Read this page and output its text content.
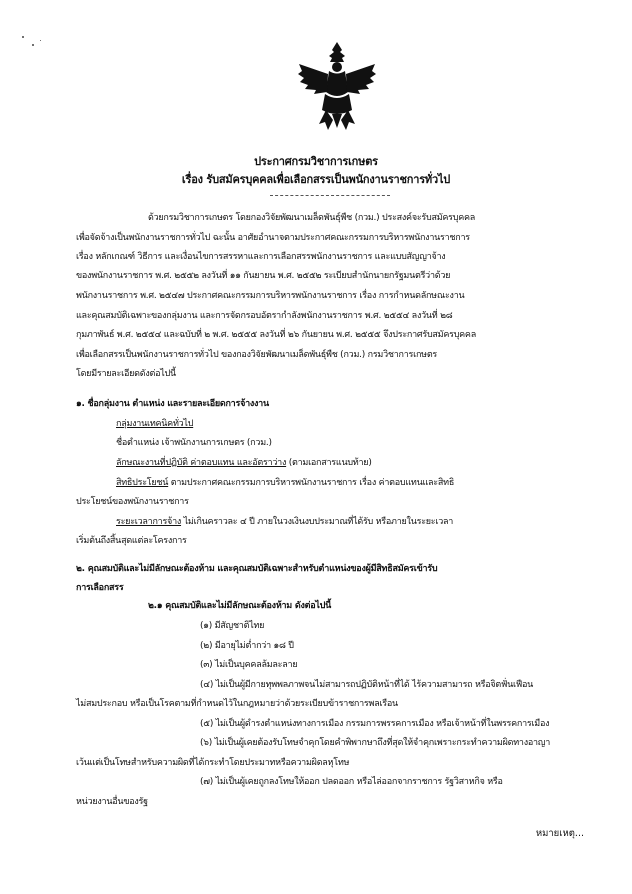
ประกาศกรมวิชาการเกษตร
เรื่อง รับสมัครบุคคลเพื่อเลือกสรรเป็นพนักงานราชการทั่วไป
ด้วยกรมวิชาการเกษตร โดยกองวิจัยพัฒนาเมล็ดพันธุ์พืช (กวม.) ประสงค์จะรับสมัครบุคคล
เพื่อจัดจ้างเป็นพนักงานราชการทั่วไป ฉะนั้น อาศัยอำนาจตามประกาศคณะกรรมการบริหารพนักงานราชการ
เรื่อง หลักเกณฑ์ วิธีการ และเงื่อนไขการสรรหาและการเลือกสรรพนักงานราชการ และแบบสัญญาจ้าง
ของพนักงานราชการ พ.ศ. ๒๕๕๒ ลงวันที่ ๑๑ กันยายน พ.ศ. ๒๕๕๒ ระเบียบสำนักนายกรัฐมนตรีว่าด้วย
พนักงานราชการ พ.ศ. ๒๕๔๗ ประกาศคณะกรรมการบริหารพนักงานราชการ เรื่อง การกำหนดลักษณะงาน
และคุณสมบัติเฉพาะของกลุ่มงาน และการจัดกรอบอัตรากำลังพนักงานราชการ พ.ศ. ๒๕๕๔ ลงวันที่ ๒๘
กุมภาพันธ์ พ.ศ. ๒๕๕๔ และฉบับที่ ๒ พ.ศ. ๒๕๕๕ ลงวันที่ ๒๖ กันยายน พ.ศ. ๒๕๕๕ จึงประกาศรับสมัครบุคคล
เพื่อเลือกสรรเป็นพนักงานราชการทั่วไป ของกองวิจัยพัฒนาเมล็ดพันธุ์พืช (กวม.) กรมวิชาการเกษตร
โดยมีรายละเอียดดังต่อไปนี้
๑. ชื่อกลุ่มงาน ตำแหน่ง และรายละเอียดการจ้างงาน
กลุ่มงานเทคนิคทั่วไป
ชื่อตำแหน่ง เจ้าพนักงานการเกษตร (กวม.)
ลักษณะงานที่ปฏิบัติ ค่าตอบแทน และอัตราว่าง (ตามเอกสารแนบท้าย)
สิทธิประโยชน์ ตามประกาศคณะกรรมการบริหารพนักงานราชการ เรื่อง ค่าตอบแทนและสิทธิ
ประโยชน์ของพนักงานราชการ
ระยะเวลาการจ้าง ไม่เกินคราวละ ๔ ปี ภายในวงเงินงบประมาณที่ได้รับ หรือภายในระยะเวลา
เริ่มต้นถึงสิ้นสุดแต่ละโครงการ
๒. คุณสมบัติและไม่มีลักษณะต้องห้าม และคุณสมบัติเฉพาะสำหรับตำแหน่งของผู้มีสิทธิสมัครเข้ารับ
การเลือกสรร
๒.๑ คุณสมบัติและไม่มีลักษณะต้องห้าม ดังต่อไปนี้
(๑) มีสัญชาติไทย
(๒) มีอายุไม่ต่ำกว่า ๑๘ ปี
(๓) ไม่เป็นบุคคลล้มละลาย
(๔) ไม่เป็นผู้มีกายทุพพลภาพจนไม่สามารถปฏิบัติหน้าที่ได้ ไร้ความสามารถ หรือจิตฟั่นเฟือน
ไม่สมประกอบ หรือเป็นโรคตามที่กำหนดไว้ในกฎหมายว่าด้วยระเบียบข้าราชการพลเรือน
(๕) ไม่เป็นผู้ดำรงตำแหน่งทางการเมือง กรรมการพรรคการเมือง หรือเจ้าหน้าที่ในพรรคการเมือง
(๖) ไม่เป็นผู้เคยต้องรับโทษจำคุกโดยคำพิพากษาถึงที่สุดให้จำคุกเพราะกระทำความผิดทางอาญา
เว้นแต่เป็นโทษสำหรับความผิดที่ได้กระทำโดยประมาทหรือความผิดลหุโทษ
(๗) ไม่เป็นผู้เคยถูกลงโทษให้ออก ปลดออก หรือไล่ออกจากราชการ รัฐวิสาหกิจ หรือ
หน่วยงานอื่นของรัฐ
หมายเหตุ...
